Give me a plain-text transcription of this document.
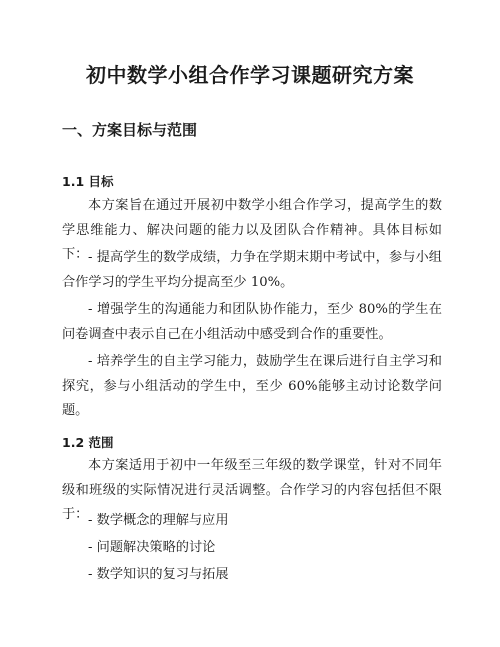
初中数学小组合作学习课题研究方案
一、方案目标与范围
1.1 目标
本方案旨在通过开展初中数学小组合作学习，提高学生的数学思维能力、解决问题的能力以及团队合作精神。具体目标如下： - 提高学生的数学成绩，力争在学期末期中考试中，参与小组合作学习的学生平均分提高至少 10%。
- 增强学生的沟通能力和团队协作能力，至少 80%的学生在问卷调查中表示自己在小组活动中感受到合作的重要性。
- 培养学生的自主学习能力，鼓励学生在课后进行自主学习和探究，参与小组活动的学生中，至少 60%能够主动讨论数学问题。
1.2 范围
本方案适用于初中一年级至三年级的数学课堂，针对不同年级和班级的实际情况进行灵活调整。合作学习的内容包括但不限于： - 数学概念的理解与应用
- 问题解决策略的讨论
- 数学知识的复习与拓展
